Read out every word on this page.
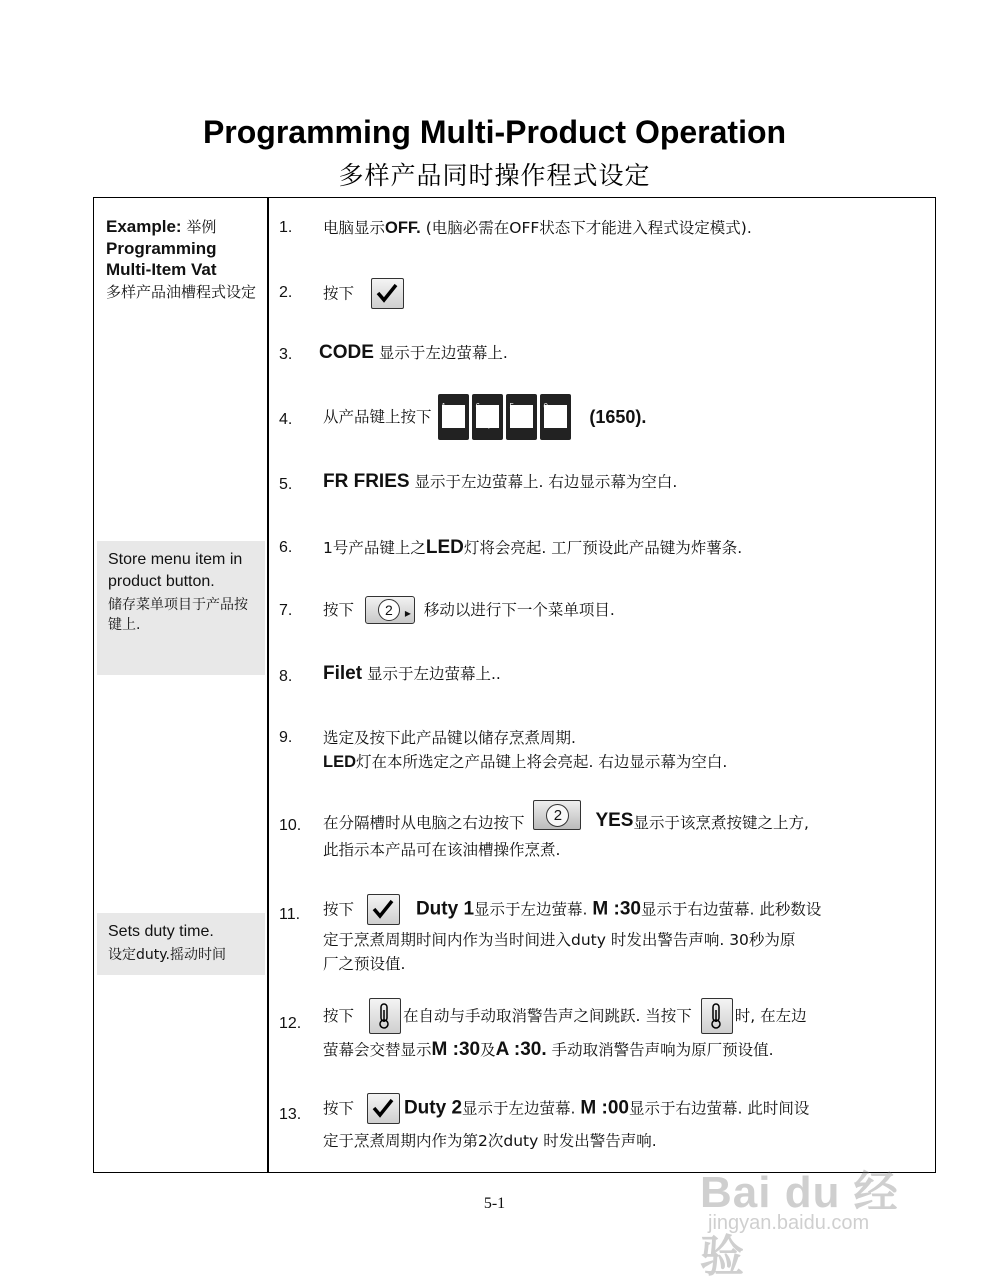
Programming Multi-Product Operation
多样产品同时操作程式设定
Example: 举例
Programming
Multi-Item Vat
多样产品油槽程式设定
Store menu item in product button.
储存菜单项目于产品按键上.
Sets duty time.
设定duty.摇动时间
1. 电脑显示OFF. (电脑必需在OFF状态下才能进入程式设定模式).
2. 按下
3. CODE 显示于左边萤幕上.
4. 从产品键上按下	ABC	PQR	MNO	* +	(1650).
5. FR FRIES 显示于左边萤幕上. 右边显示幕为空白.
6. 1号产品键上之LED灯将会亮起. 工厂预设此产品键为炸薯条.
7. 按下	2	▸ 移动以进行下一个菜单项目.
8. Filet 显示于左边萤幕上..
9. 选定及按下此产品键以储存烹煮周期.
LED灯在本所选定之产品键上将会亮起. 右边显示幕为空白.
10. 在分隔槽时从电脑之右边按下	2	YES显示于该烹煮按键之上方,
此指示本产品可在该油槽操作烹煮.
11. 按下	Duty 1显示于左边萤幕. M :30显示于右边萤幕. 此秒数设
定于烹煮周期时间内作为当时间进入duty 时发出警告声响. 30秒为原
厂之预设值.
12. 按下	在自动与手动取消警告声之间跳跃. 当按下	时, 在左边
萤幕会交替显示M :30及A :30. 手动取消警告声响为原厂预设值.
13. 按下	Duty 2显示于左边萤幕. M :00显示于右边萤幕. 此时间设
定于烹煮周期内作为第2次duty 时发出警告声响.
5-1	Bai du 经验
jingyan.baidu.com
